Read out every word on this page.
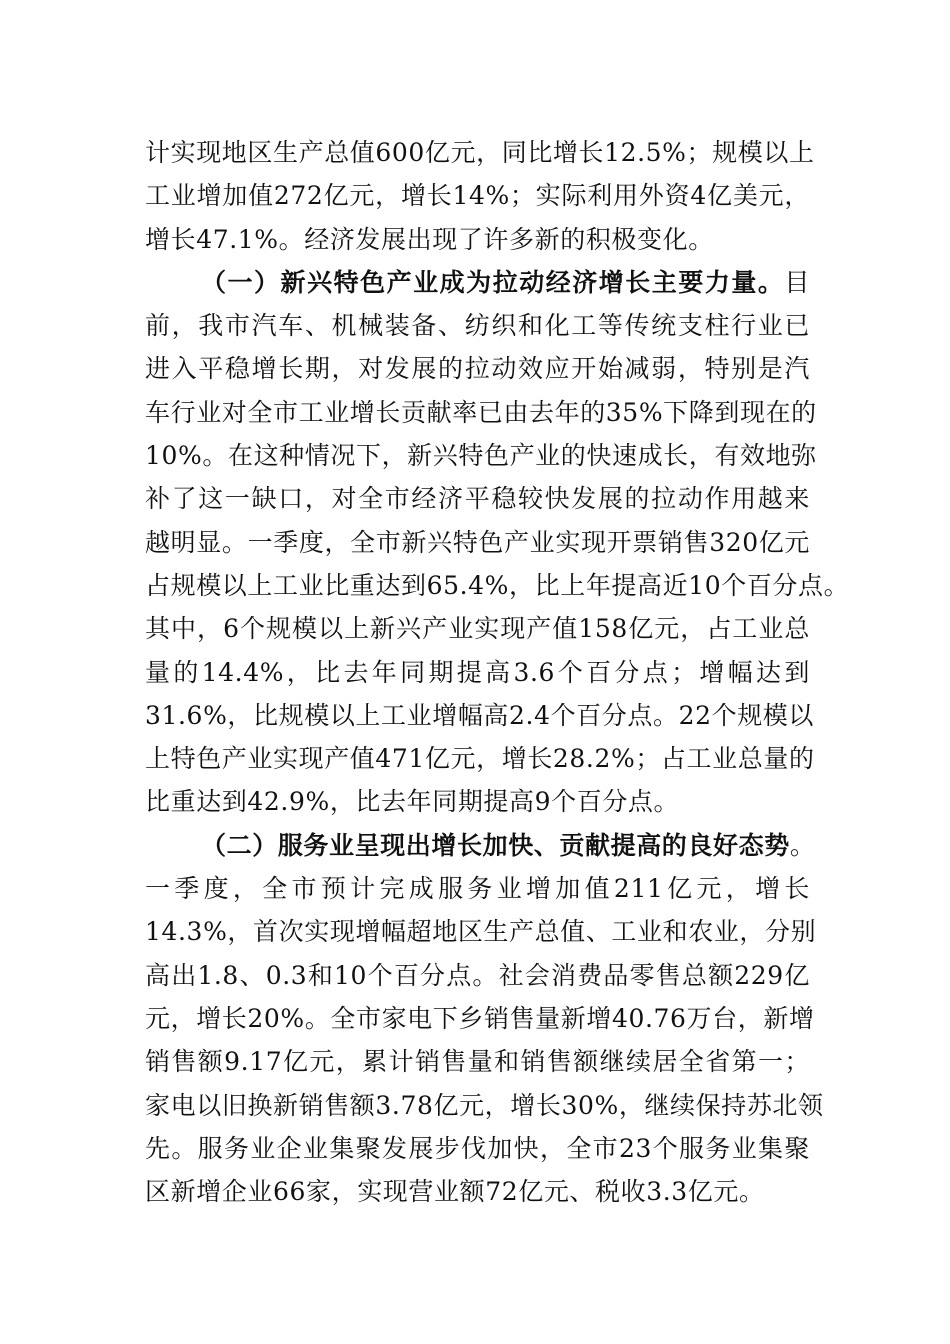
计实现地区生产总值600亿元，同比增长12.5%；规模以上
工业增加值272亿元，增长14%；实际利用外资4亿美元，
增长47.1%。经济发展出现了许多新的积极变化。
（一）新兴特色产业成为拉动经济增长主要力量。目
前，我市汽车、机械装备、纺织和化工等传统支柱行业已
进入平稳增长期，对发展的拉动效应开始减弱，特别是汽
车行业对全市工业增长贡献率已由去年的35%下降到现在的
10%。在这种情况下，新兴特色产业的快速成长，有效地弥
补了这一缺口，对全市经济平稳较快发展的拉动作用越来
越明显。一季度，全市新兴特色产业实现开票销售320亿元
占规模以上工业比重达到65.4%，比上年提高近10个百分点。
其中，6个规模以上新兴产业实现产值158亿元，占工业总
量的14.4%，比去年同期提高3.6个百分点；增幅达到
31.6%，比规模以上工业增幅高2.4个百分点。22个规模以
上特色产业实现产值471亿元，增长28.2%；占工业总量的
比重达到42.9%，比去年同期提高9个百分点。
（二）服务业呈现出增长加快、贡献提高的良好态势。
一季度，全市预计完成服务业增加值211亿元，增长
14.3%，首次实现增幅超地区生产总值、工业和农业，分别
高出1.8、0.3和10个百分点。社会消费品零售总额229亿
元，增长20%。全市家电下乡销售量新增40.76万台，新增
销售额9.17亿元，累计销售量和销售额继续居全省第一；
家电以旧换新销售额3.78亿元，增长30%，继续保持苏北领
先。服务业企业集聚发展步伐加快，全市23个服务业集聚
区新增企业66家，实现营业额72亿元、税收3.3亿元。
